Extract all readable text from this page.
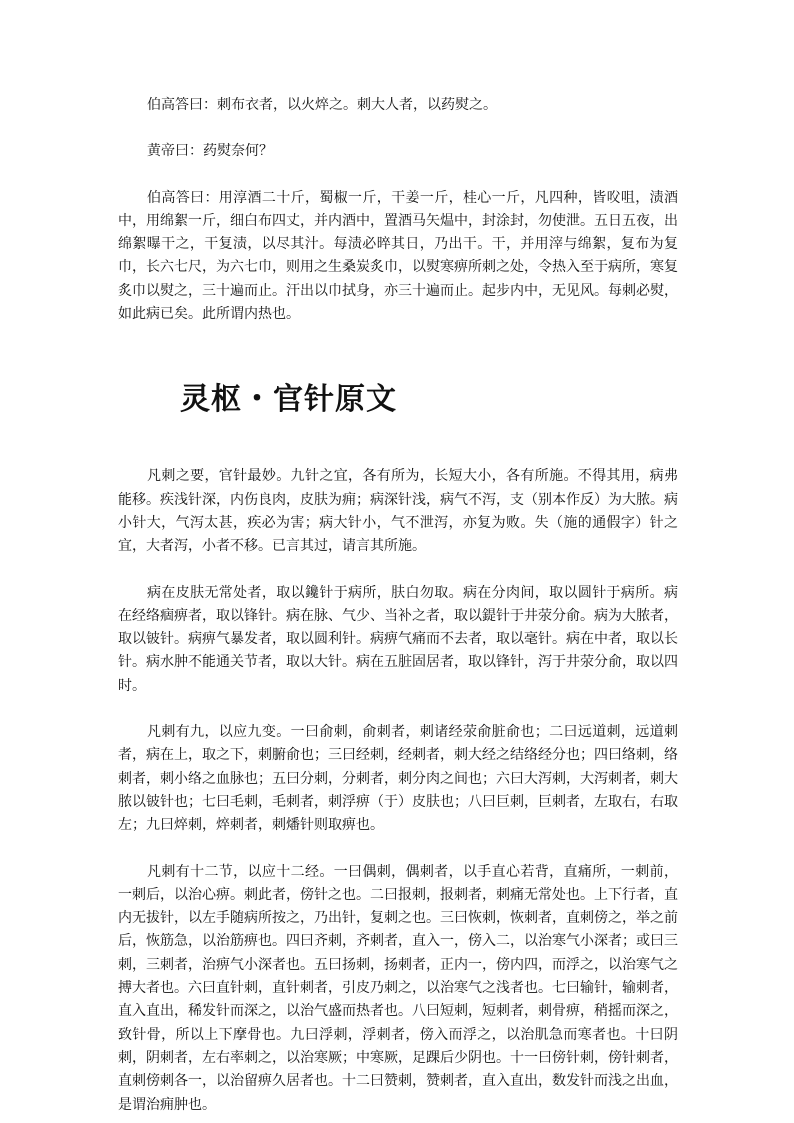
伯高答曰：刺布衣者，以火焠之。刺大人者，以药熨之。

黄帝曰：药熨奈何？

伯高答曰：用淳酒二十斤，蜀椒一斤，干姜一斤，桂心一斤，凡四种，皆㕮咀，渍酒中，用绵絮一斤，细白布四丈，并内酒中，置酒马矢煴中，封涂封，勿使泄。五日五夜，出绵絮曝干之，干复渍，以尽其汁。每渍必晬其日，乃出干。干，并用滓与绵絮，复布为复巾，长六七尺，为六七巾，则用之生桑炭炙巾，以熨寒痹所刺之处，令热入至于病所，寒复炙巾以熨之，三十遍而止。汗出以巾拭身，亦三十遍而止。起步内中，无见风。每刺必熨，如此病已矣。此所谓内热也。

灵枢・官针原文

凡刺之要，官针最妙。九针之宜，各有所为，长短大小，各有所施。不得其用，病弗能移。疾浅针深，内伤良肉，皮肤为痈；病深针浅，病气不泻，支（别本作反）为大脓。病小针大，气泻太甚，疾必为害；病大针小，气不泄泻，亦复为败。失（施的通假字）针之宜，大者泻，小者不移。已言其过，请言其所施。

病在皮肤无常处者，取以鑱针于病所，肤白勿取。病在分肉间，取以圆针于病所。病在经络痼痹者，取以锋针。病在脉、气少、当补之者，取以鍉针于井荥分俞。病为大脓者，取以铍针。病痹气暴发者，取以圆利针。病痹气痛而不去者，取以毫针。病在中者，取以长针。病水肿不能通关节者，取以大针。病在五脏固居者，取以锋针，泻于井荥分俞，取以四时。

凡刺有九，以应九变。一曰俞刺，俞刺者，刺诸经荥俞脏俞也；二曰远道刺，远道刺者，病在上，取之下，刺腑俞也；三曰经刺，经刺者，刺大经之结络经分也；四曰络刺，络刺者，刺小络之血脉也；五曰分刺，分刺者，刺分肉之间也；六曰大泻刺，大泻刺者，刺大脓以铍针也；七曰毛刺，毛刺者，刺浮痹（于）皮肤也；八曰巨刺，巨刺者，左取右，右取左；九曰焠刺，焠刺者，刺燔针则取痹也。

凡刺有十二节，以应十二经。一曰偶刺，偶刺者，以手直心若背，直痛所，一刺前，一刺后，以治心痹。刺此者，傍针之也。二曰报刺，报刺者，刺痛无常处也。上下行者，直内无拔针，以左手随病所按之，乃出针，复刺之也。三曰恢刺，恢刺者，直刺傍之，举之前后，恢筋急，以治筋痹也。四曰齐刺，齐刺者，直入一，傍入二，以治寒气小深者；或曰三刺，三刺者，治痹气小深者也。五曰扬刺，扬刺者，正内一，傍内四，而浮之，以治寒气之搏大者也。六曰直针刺，直针刺者，引皮乃刺之，以治寒气之浅者也。七曰输针，输刺者，直入直出，稀发针而深之，以治气盛而热者也。八曰短刺，短刺者，刺骨痹，稍摇而深之，致针骨，所以上下摩骨也。九曰浮刺，浮刺者，傍入而浮之，以治肌急而寒者也。十曰阴刺，阴刺者，左右率刺之，以治寒厥；中寒厥，足踝后少阴也。十一曰傍针刺，傍针刺者，直刺傍刺各一，以治留痹久居者也。十二曰赞刺，赞刺者，直入直出，数发针而浅之出血，是谓治痈肿也。
